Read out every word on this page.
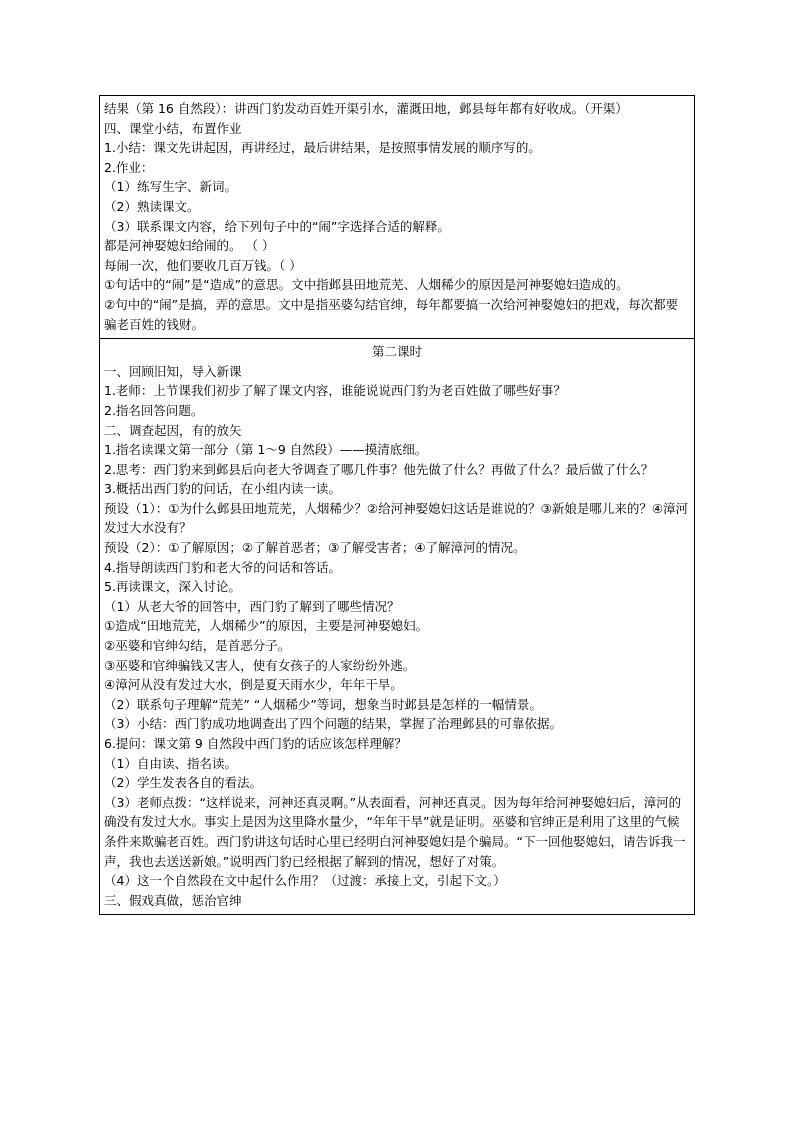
结果（第 16 自然段）：讲西门豹发动百姓开渠引水，灌溉田地，邺县每年都有好收成。（开渠）

四、课堂小结，布置作业

1.小结：课文先讲起因，再讲经过，最后讲结果，是按照事情发展的顺序写的。

2.作业：

（1）练写生字、新词。

（2）熟读课文。

（3）联系课文内容，给下列句子中的“闹”字选择合适的解释。

都是河神娶媳妇给闹的。 （ ）

每闹一次，他们要收几百万钱。（ ）

①句话中的“闹”是“造成”的意思。文中指邺县田地荒芜、人烟稀少的原因是河神娶媳妇造成的。

②句中的“闹”是搞，弄的意思。文中是指巫婆勾结官绅，每年都要搞一次给河神娶媳妇的把戏，每次都要骗老百姓的钱财。

第二课时

一、回顾旧知，导入新课

1.老师：上节课我们初步了解了课文内容，谁能说说西门豹为老百姓做了哪些好事？

2.指名回答问题。

二、调查起因，有的放矢

1.指名读课文第一部分（第 1～9 自然段）——摸清底细。

2.思考：西门豹来到邺县后向老大爷调查了哪几件事？他先做了什么？再做了什么？最后做了什么？

3.概括出西门豹的问话，在小组内读一读。

预设（1）：①为什么邺县田地荒芜，人烟稀少？②给河神娶媳妇这话是谁说的？③新娘是哪儿来的？④漳河发过大水没有？

预设（2）：①了解原因；②了解首恶者；③了解受害者；④了解漳河的情况。

4.指导朗读西门豹和老大爷的问话和答话。

5.再读课文，深入讨论。

（1）从老大爷的回答中，西门豹了解到了哪些情况？

①造成“田地荒芜，人烟稀少”的原因，主要是河神娶媳妇。

②巫婆和官绅勾结，是首恶分子。

③巫婆和官绅骗钱又害人，使有女孩子的人家纷纷外逃。

④漳河从没有发过大水，倒是夏天雨水少，年年干旱。

（2）联系句子理解“荒芜” “人烟稀少”等词，想象当时邺县是怎样的一幅情景。

（3）小结：西门豹成功地调查出了四个问题的结果，掌握了治理邺县的可靠依据。

6.提问：课文第 9 自然段中西门豹的话应该怎样理解？

（1）自由读、指名读。

（2）学生发表各自的看法。

（3）老师点拨：“这样说来，河神还真灵啊。”从表面看，河神还真灵。因为每年给河神娶媳妇后，漳河的确没有发过大水。事实上是因为这里降水量少，“年年干旱”就是证明。巫婆和官绅正是利用了这里的气候条件来欺骗老百姓。西门豹讲这句话时心里已经明白河神娶媳妇是个骗局。“下一回他娶媳妇，请告诉我一声，我也去送送新娘。”说明西门豹已经根据了解到的情况，想好了对策。

（4）这一个自然段在文中起什么作用？（过渡：承接上文，引起下文。）

三、假戏真做，惩治官绅
